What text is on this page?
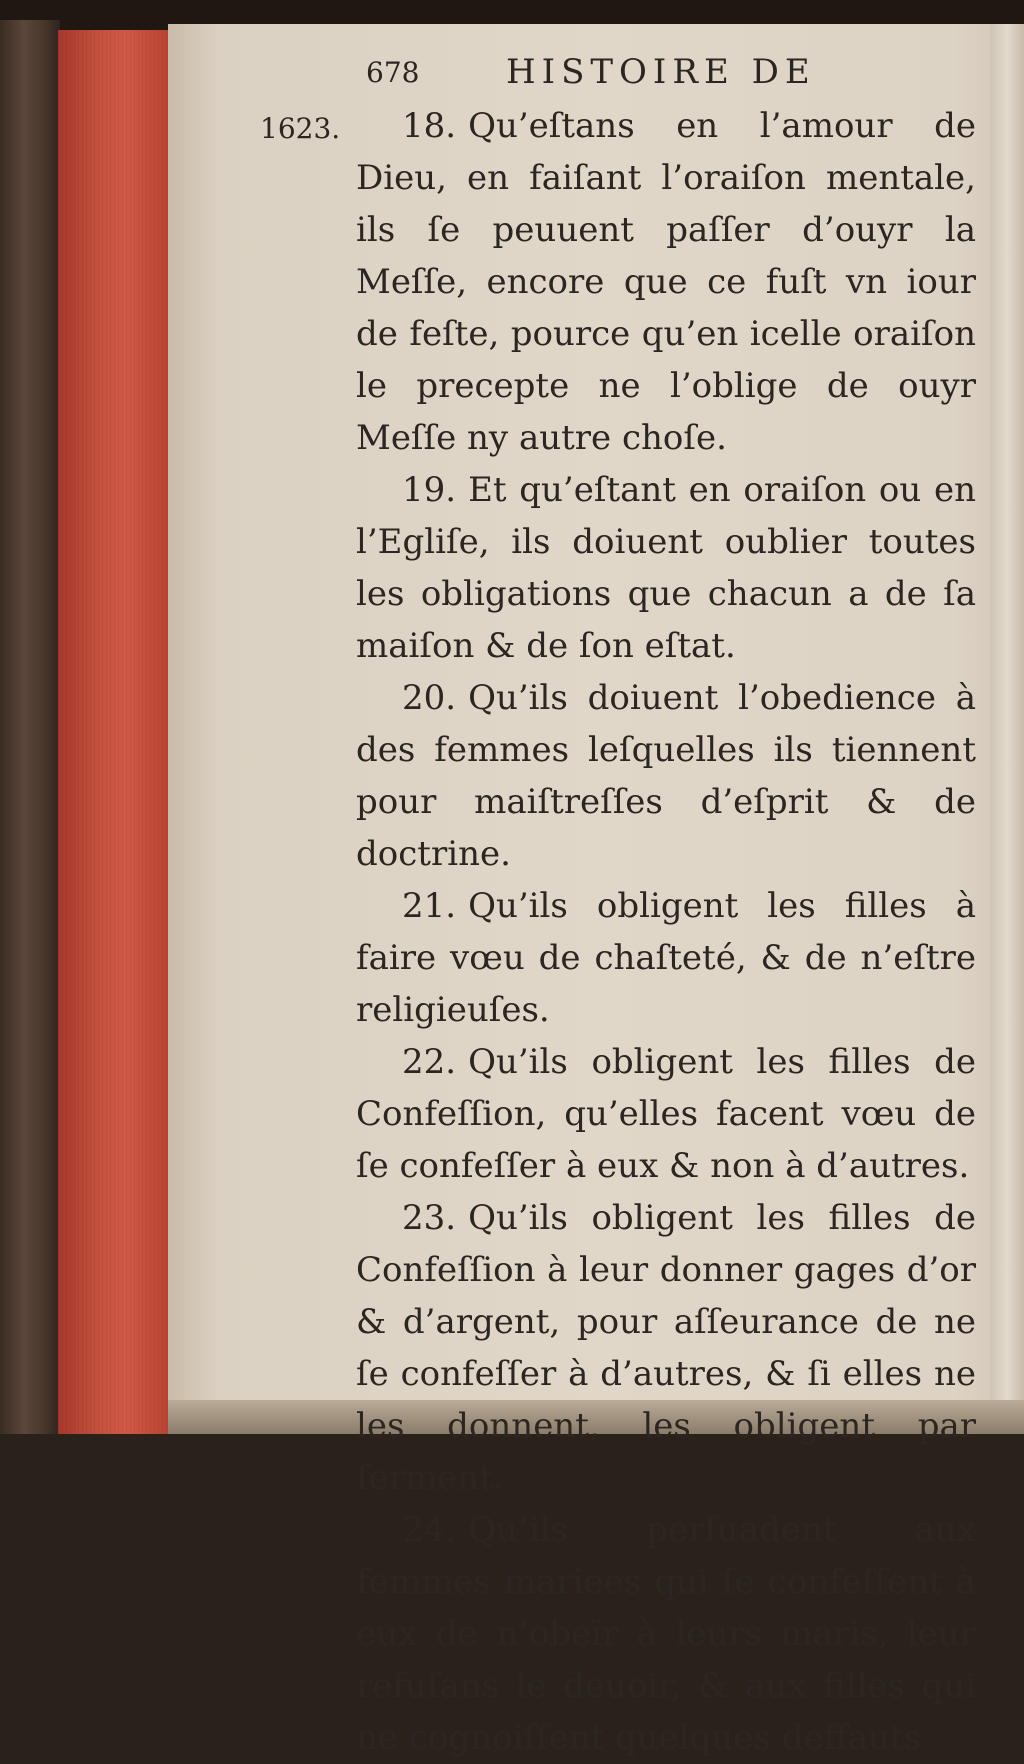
1623.
678	HISTOIRE DE

18. Qu’eſtans en l’amour de Dieu, en faiſant l’oraiſon mentale, ils ſe peuuent paſſer d’ouyr la Meſſe, encore que ce fuſt vn iour de feſte, pource qu’en icelle oraiſon le precepte ne l’oblige de ouyr Meſſe ny autre choſe.

19. Et qu’eſtant en oraiſon ou en l’Egliſe, ils doiuent oublier toutes les obligations que chacun a de ſa maiſon & de ſon eſtat.

20. Qu’ils doiuent l’obedience à des femmes leſquelles ils tiennent pour maiſtreſſes d’eſprit & de doctrine.

21. Qu’ils obligent les filles à faire vœu de chaſteté, & de n’eſtre religieuſes.

22. Qu’ils obligent les filles de Confeſſion, qu’elles facent vœu de ſe confeſſer à eux & non à d’autres.

23. Qu’ils obligent les filles de Confeſſion à leur donner gages d’or & d’argent, pour aſſeurance de ne ſe confeſſer à d’autres, & ſi elles ne les donnent, les obligent par ſerment.

24. Qu’ils perſuadent aux femmes mariees qui ſe confeſſent à eux de n’obeïr à leurs maris, leur refuſans le deuoir, & aux filles qui ne cognoiſſent quelques deffauts
